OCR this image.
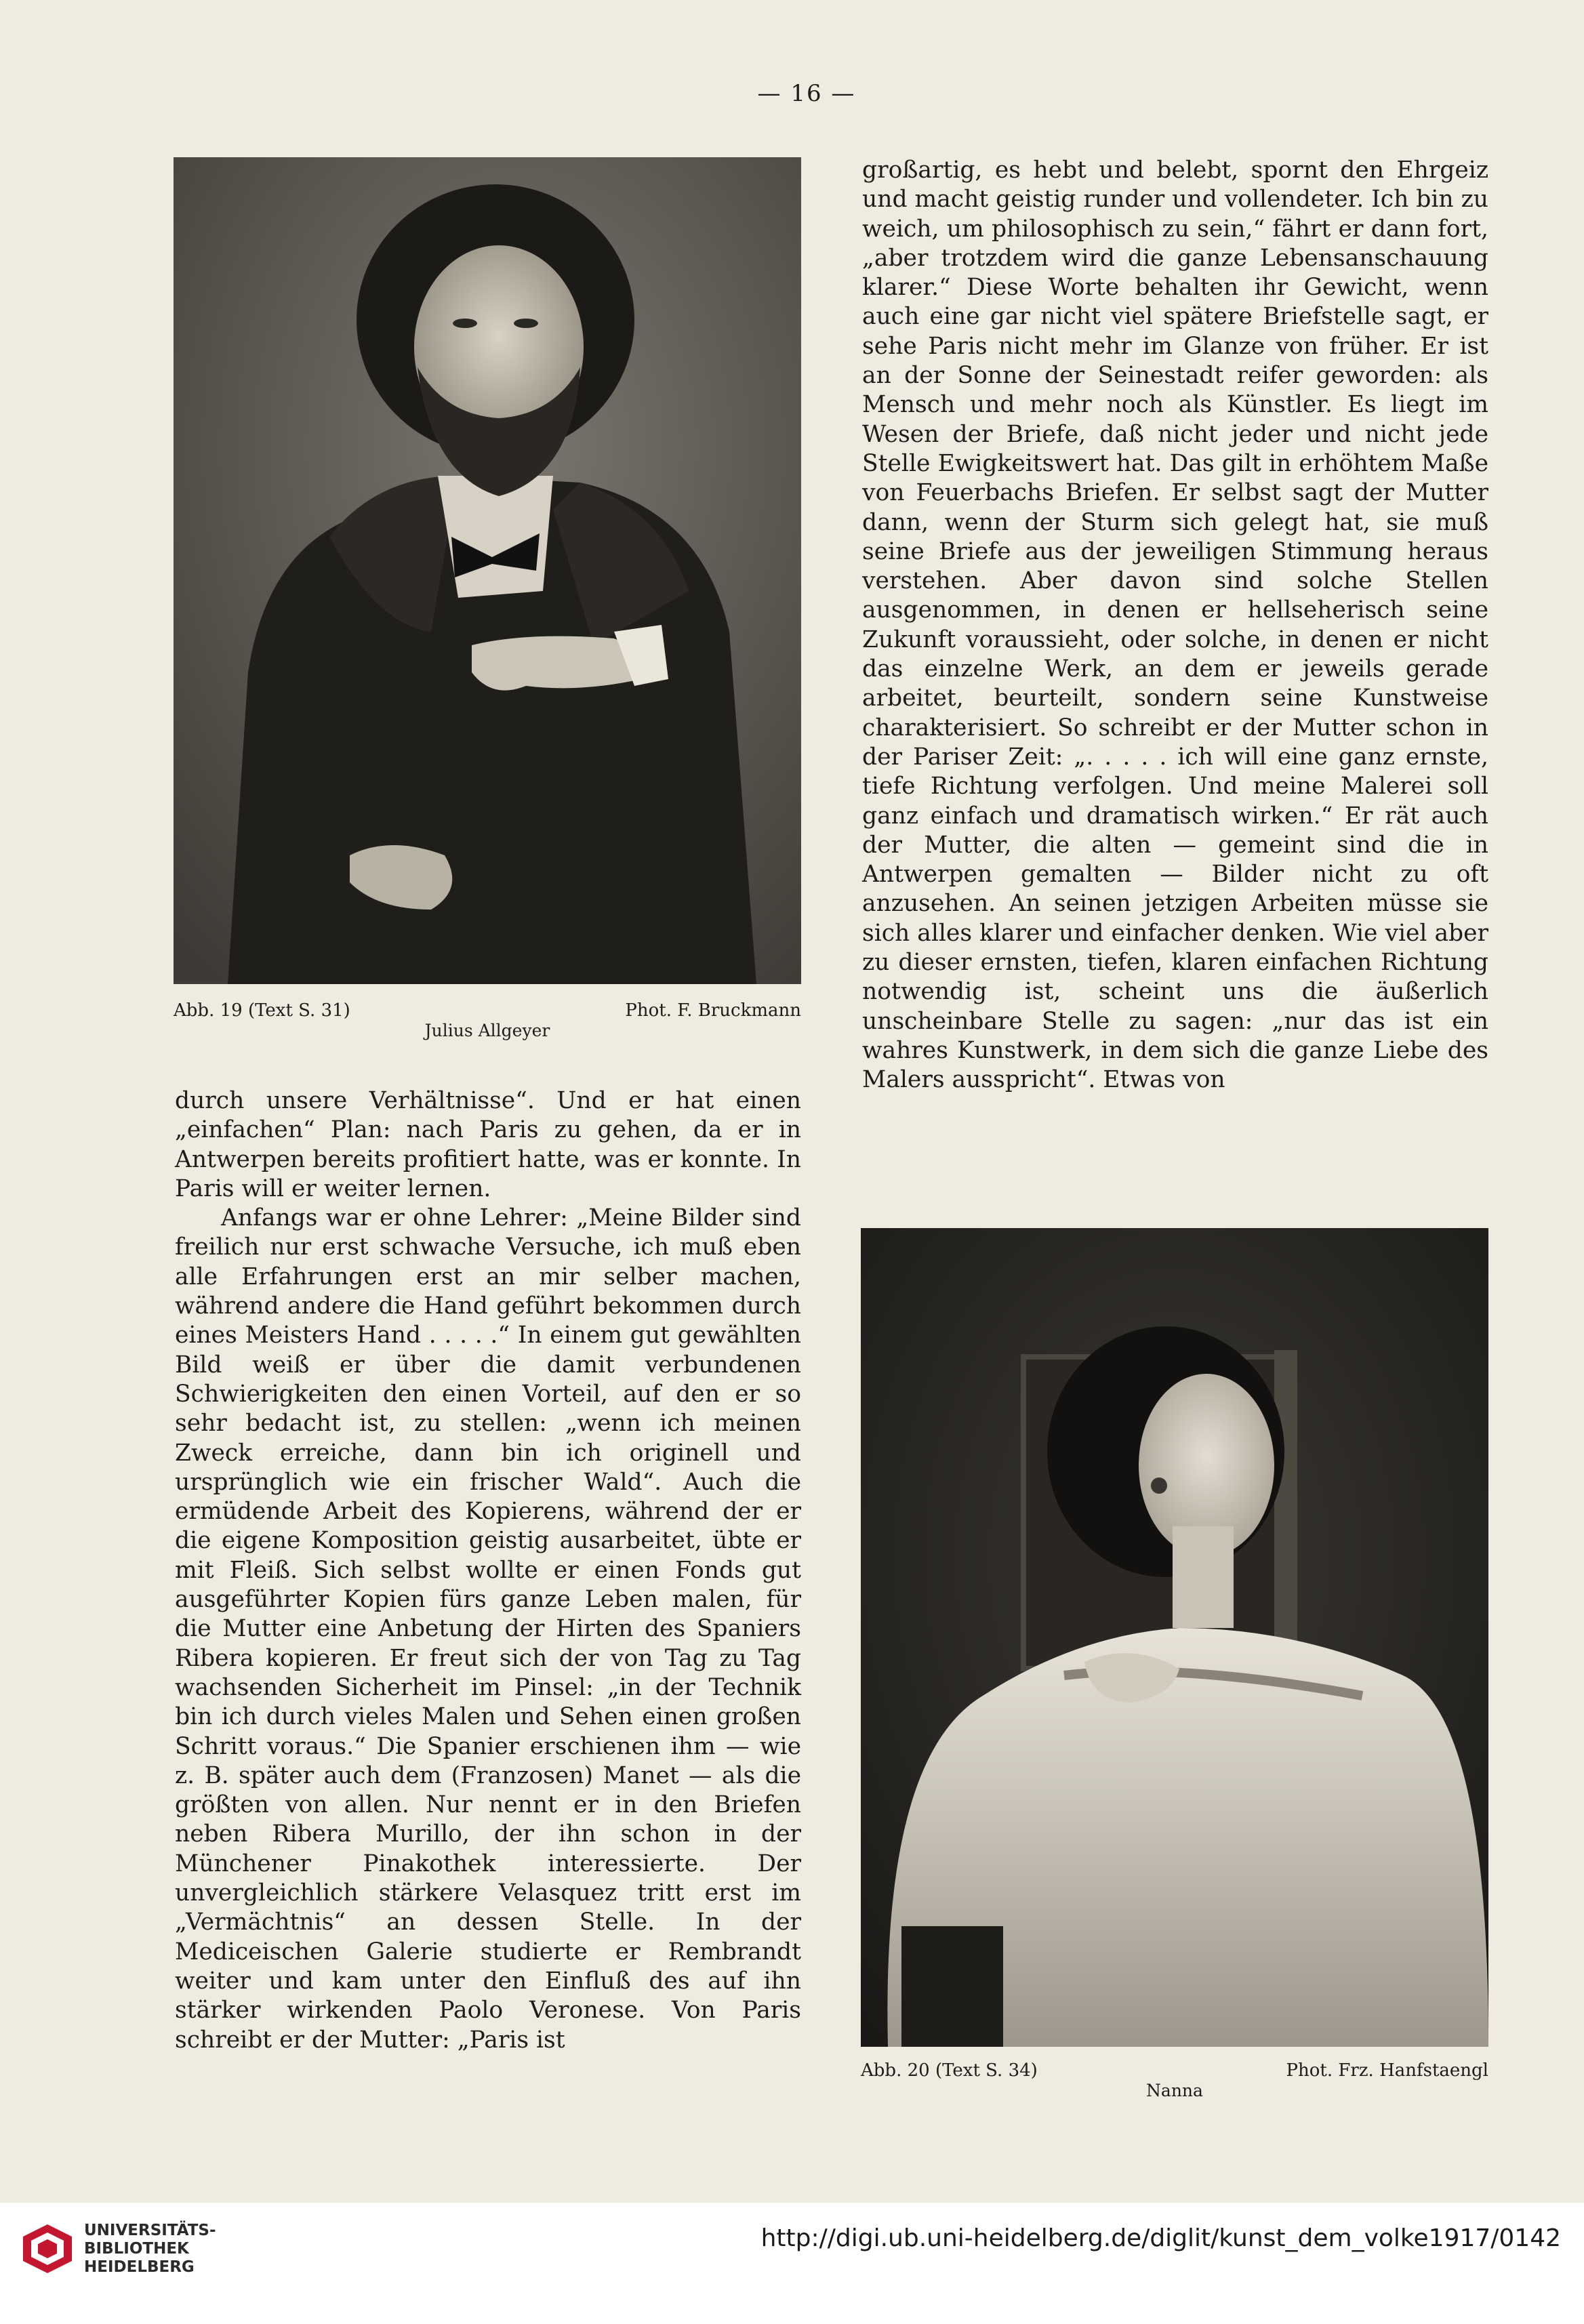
— 16 —
Abb. 19 (Text S. 31)	Phot. F. Bruckmann
Julius Allgeyer

durch unsere Verhältnisse“. Und er hat einen „einfachen“ Plan: nach Paris zu gehen, da er in Antwerpen bereits profitiert hatte, was er konnte. In Paris will er weiter lernen.

Anfangs war er ohne Lehrer: „Meine Bilder sind freilich nur erst schwache Versuche, ich muß eben alle Erfahrungen erst an mir selber machen, während andere die Hand geführt bekommen durch eines Meisters Hand . . . . .“ In einem gut gewählten Bild weiß er über die damit verbundenen Schwierigkeiten den einen Vorteil, auf den er so sehr bedacht ist, zu stellen: „wenn ich meinen Zweck erreiche, dann bin ich originell und ursprünglich wie ein frischer Wald“. Auch die ermüdende Arbeit des Kopierens, während der er die eigene Komposition geistig ausarbeitet, übte er mit Fleiß. Sich selbst wollte er einen Fonds gut ausgeführter Kopien fürs ganze Leben malen, für die Mutter eine Anbetung der Hirten des Spaniers Ribera kopieren. Er freut sich der von Tag zu Tag wachsenden Sicherheit im Pinsel: „in der Technik bin ich durch vieles Malen und Sehen einen großen Schritt voraus.“ Die Spanier erschienen ihm — wie z. B. später auch dem (Franzosen) Manet — als die größten von allen. Nur nennt er in den Briefen neben Ribera Murillo, der ihn schon in der Münchener Pinakothek interessierte. Der unvergleichlich stärkere Velasquez tritt erst im „Vermächtnis“ an dessen Stelle. In der Mediceischen Galerie studierte er Rembrandt weiter und kam unter den Einfluß des auf ihn stärker wirkenden Paolo Veronese. Von Paris schreibt er der Mutter: „Paris ist

großartig, es hebt und belebt, spornt den Ehrgeiz und macht geistig runder und vollendeter. Ich bin zu weich, um philosophisch zu sein,“ fährt er dann fort, „aber trotzdem wird die ganze Lebensanschauung klarer.“ Diese Worte behalten ihr Gewicht, wenn auch eine gar nicht viel spätere Briefstelle sagt, er sehe Paris nicht mehr im Glanze von früher. Er ist an der Sonne der Seinestadt reifer geworden: als Mensch und mehr noch als Künstler. Es liegt im Wesen der Briefe, daß nicht jeder und nicht jede Stelle Ewigkeitswert hat. Das gilt in erhöhtem Maße von Feuerbachs Briefen. Er selbst sagt der Mutter dann, wenn der Sturm sich gelegt hat, sie muß seine Briefe aus der jeweiligen Stimmung heraus verstehen. Aber davon sind solche Stellen ausgenommen, in denen er hellseherisch seine Zukunft voraussieht, oder solche, in denen er nicht das einzelne Werk, an dem er jeweils gerade arbeitet, beurteilt, sondern seine Kunstweise charakterisiert. So schreibt er der Mutter schon in der Pariser Zeit: „. . . . . ich will eine ganz ernste, tiefe Richtung verfolgen. Und meine Malerei soll ganz einfach und dramatisch wirken.“ Er rät auch der Mutter, die alten — gemeint sind die in Antwerpen gemalten — Bilder nicht zu oft anzusehen. An seinen jetzigen Arbeiten müsse sie sich alles klarer und einfacher denken. Wie viel aber zu dieser ernsten, tiefen, klaren einfachen Richtung notwendig ist, scheint uns die äußerlich unscheinbare Stelle zu sagen: „nur das ist ein wahres Kunstwerk, in dem sich die ganze Liebe des Malers ausspricht“. Etwas von

Abb. 20 (Text S. 34)	Phot. Frz. Hanfstaengl
Nanna
UNIVERSITÄTS-
BIBLIOTHEK
HEIDELBERG
http://digi.ub.uni-heidelberg.de/diglit/kunst_dem_volke1917/0142
